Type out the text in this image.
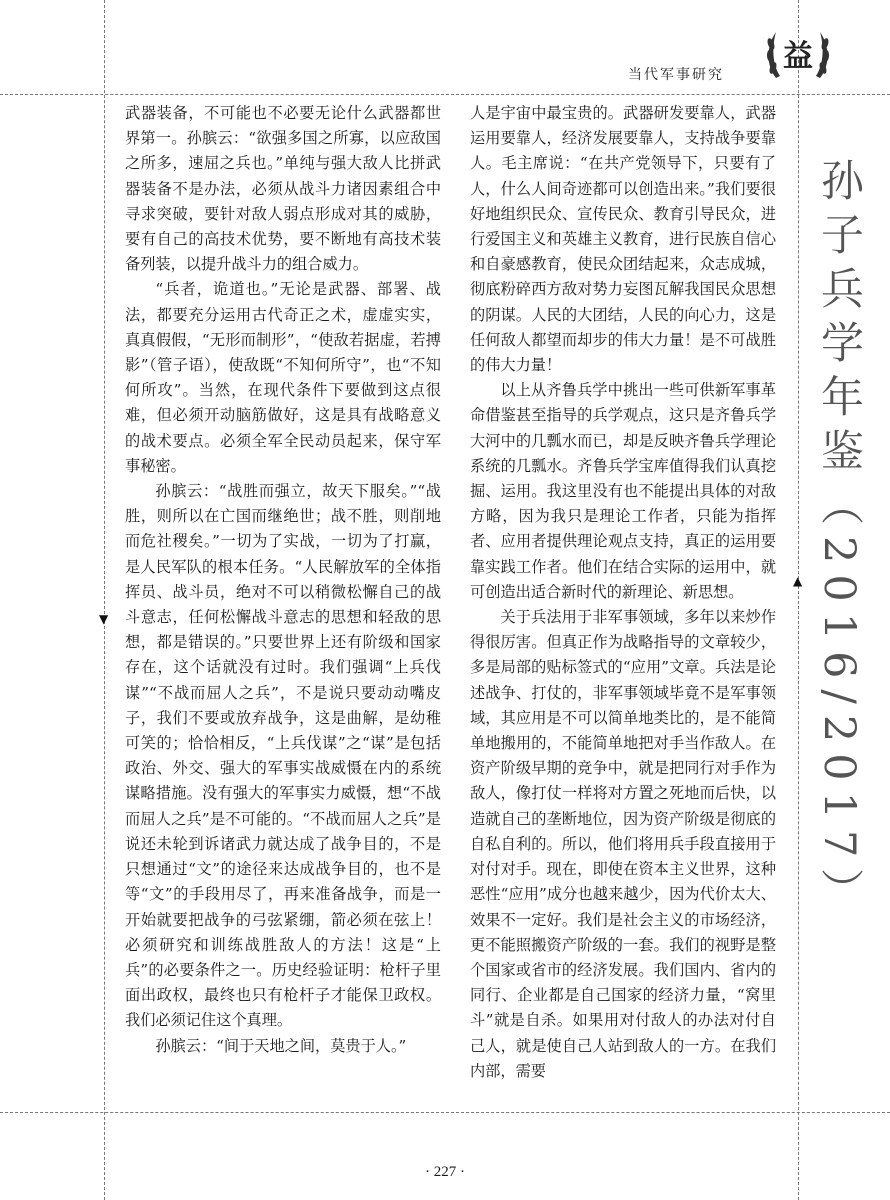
当代军事研究
益

武器装备，不可能也不必要无论什么武器都世界第一。孙膑云：“欲强多国之所寡，以应敌国之所多，速屈之兵也。”单纯与强大敌人比拼武器装备不是办法，必须从战斗力诸因素组合中寻求突破，要针对敌人弱点形成对其的威胁，要有自己的高技术优势，要不断地有高技术装备列装，以提升战斗力的组合威力。

“兵者，诡道也。”无论是武器、部署、战法，都要充分运用古代奇正之术，虚虚实实，真真假假，“无形而制形”，“使敌若据虚，若搏影”（管子语），使敌既“不知何所守”，也“不知何所攻”。当然，在现代条件下要做到这点很难，但必须开动脑筋做好，这是具有战略意义的战术要点。必须全军全民动员起来，保守军事秘密。

孙膑云：“战胜而强立，故天下服矣。”“战胜，则所以在亡国而继绝世；战不胜，则削地而危社稷矣。”一切为了实战，一切为了打赢，是人民军队的根本任务。“人民解放军的全体指挥员、战斗员，绝对不可以稍微松懈自己的战斗意志，任何松懈战斗意志的思想和轻敌的思想，都是错误的。”只要世界上还有阶级和国家存在，这个话就没有过时。我们强调“上兵伐谋”“不战而屈人之兵”，不是说只要动动嘴皮子，我们不要或放弃战争，这是曲解，是幼稚可笑的；恰恰相反，“上兵伐谋”之“谋”是包括政治、外交、强大的军事实战威慑在内的系统谋略措施。没有强大的军事实力威慑，想“不战而屈人之兵”是不可能的。“不战而屈人之兵”是说还未轮到诉诸武力就达成了战争目的，不是只想通过“文”的途径来达成战争目的，也不是等“文”的手段用尽了，再来准备战争，而是一开始就要把战争的弓弦紧绷，箭必须在弦上！必须研究和训练战胜敌人的方法！这是“上兵”的必要条件之一。历史经验证明：枪杆子里面出政权，最终也只有枪杆子才能保卫政权。我们必须记住这个真理。

孙膑云：“间于天地之间，莫贵于人。”

人是宇宙中最宝贵的。武器研发要靠人，武器运用要靠人，经济发展要靠人，支持战争要靠人。毛主席说：“在共产党领导下，只要有了人，什么人间奇迹都可以创造出来。”我们要很好地组织民众、宣传民众、教育引导民众，进行爱国主义和英雄主义教育，进行民族自信心和自豪感教育，使民众团结起来，众志成城，彻底粉碎西方敌对势力妄图瓦解我国民众思想的阴谋。人民的大团结，人民的向心力，这是任何敌人都望而却步的伟大力量！是不可战胜的伟大力量！

以上从齐鲁兵学中挑出一些可供新军事革命借鉴甚至指导的兵学观点，这只是齐鲁兵学大河中的几瓢水而已，却是反映齐鲁兵学理论系统的几瓢水。齐鲁兵学宝库值得我们认真挖掘、运用。我这里没有也不能提出具体的对敌方略，因为我只是理论工作者，只能为指挥者、应用者提供理论观点支持，真正的运用要靠实践工作者。他们在结合实际的运用中，就可创造出适合新时代的新理论、新思想。

关于兵法用于非军事领域，多年以来炒作得很厉害。但真正作为战略指导的文章较少，多是局部的贴标签式的“应用”文章。兵法是论述战争、打仗的，非军事领域毕竟不是军事领域，其应用是不可以简单地类比的，是不能简单地搬用的，不能简单地把对手当作敌人。在资产阶级早期的竞争中，就是把同行对手作为敌人，像打仗一样将对方置之死地而后快，以造就自己的垄断地位，因为资产阶级是彻底的自私自利的。所以，他们将用兵手段直接用于对付对手。现在，即使在资本主义世界，这种恶性“应用”成分也越来越少，因为代价太大、效果不一定好。我们是社会主义的市场经济，更不能照搬资产阶级的一套。我们的视野是整个国家或省市的经济发展。我们国内、省内的同行、企业都是自己国家的经济力量，“窝里斗”就是自杀。如果用对付敌人的办法对付自己人，就是使自己人站到敌人的一方。在我们内部，需要

孙子兵学年鉴（2016/2017）
▼
▲
· 227 ·
